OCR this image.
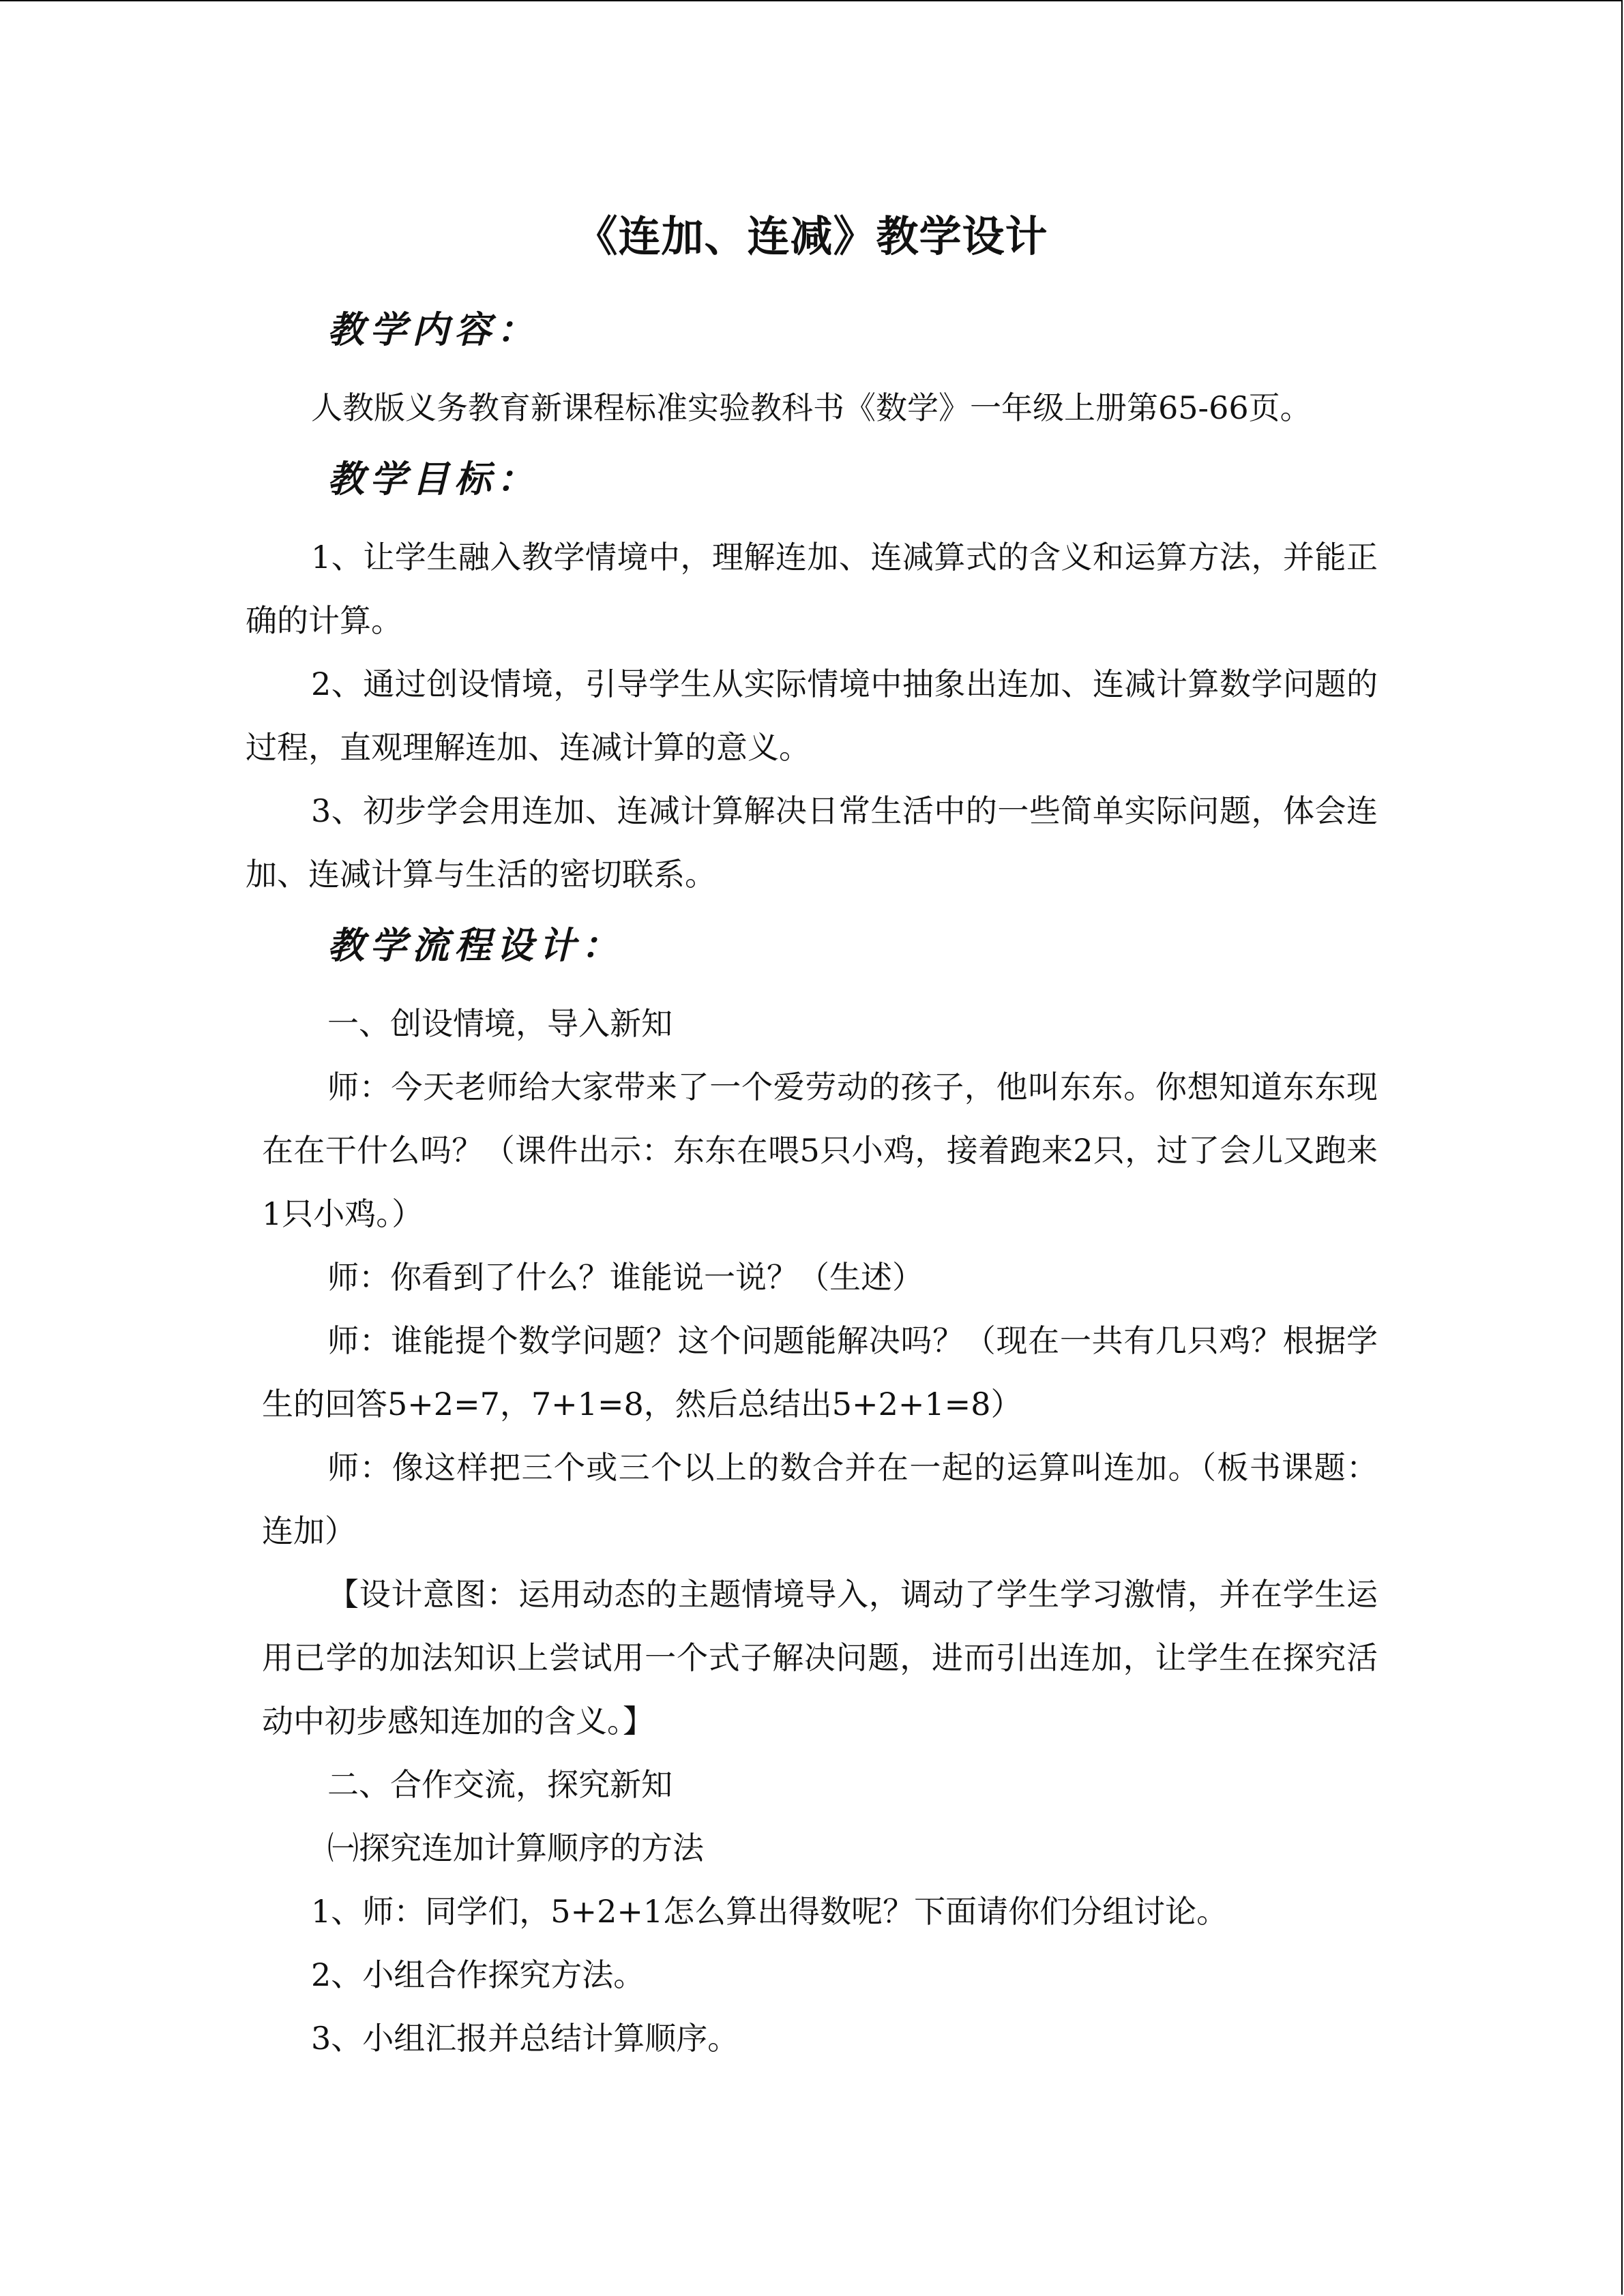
《连加、连减》教学设计
教学内容：

人教版义务教育新课程标准实验教科书《数学》一年级上册第65-66页。

教学目标：

1、让学生融入教学情境中，理解连加、连减算式的含义和运算方法，并能正确的计算。

2、通过创设情境，引导学生从实际情境中抽象出连加、连减计算数学问题的过程，直观理解连加、连减计算的意义。

3、初步学会用连加、连减计算解决日常生活中的一些简单实际问题，体会连加、连减计算与生活的密切联系。

教学流程设计：

一、创设情境，导入新知

师：今天老师给大家带来了一个爱劳动的孩子，他叫东东。你想知道东东现在在干什么吗？（课件出示：东东在喂5只小鸡，接着跑来2只，过了会儿又跑来1只小鸡。）

师：你看到了什么？谁能说一说？（生述）

师：谁能提个数学问题？这个问题能解决吗？（现在一共有几只鸡？根据学生的回答5+2=7，7+1=8，然后总结出5+2+1=8）

师：像这样把三个或三个以上的数合并在一起的运算叫连加。（板书课题：连加）

【设计意图：运用动态的主题情境导入，调动了学生学习激情，并在学生运用已学的加法知识上尝试用一个式子解决问题，进而引出连加，让学生在探究活动中初步感知连加的含义。】

二、合作交流，探究新知

㈠探究连加计算顺序的方法

1、师：同学们，5+2+1怎么算出得数呢？下面请你们分组讨论。

2、小组合作探究方法。

3、小组汇报并总结计算顺序。
